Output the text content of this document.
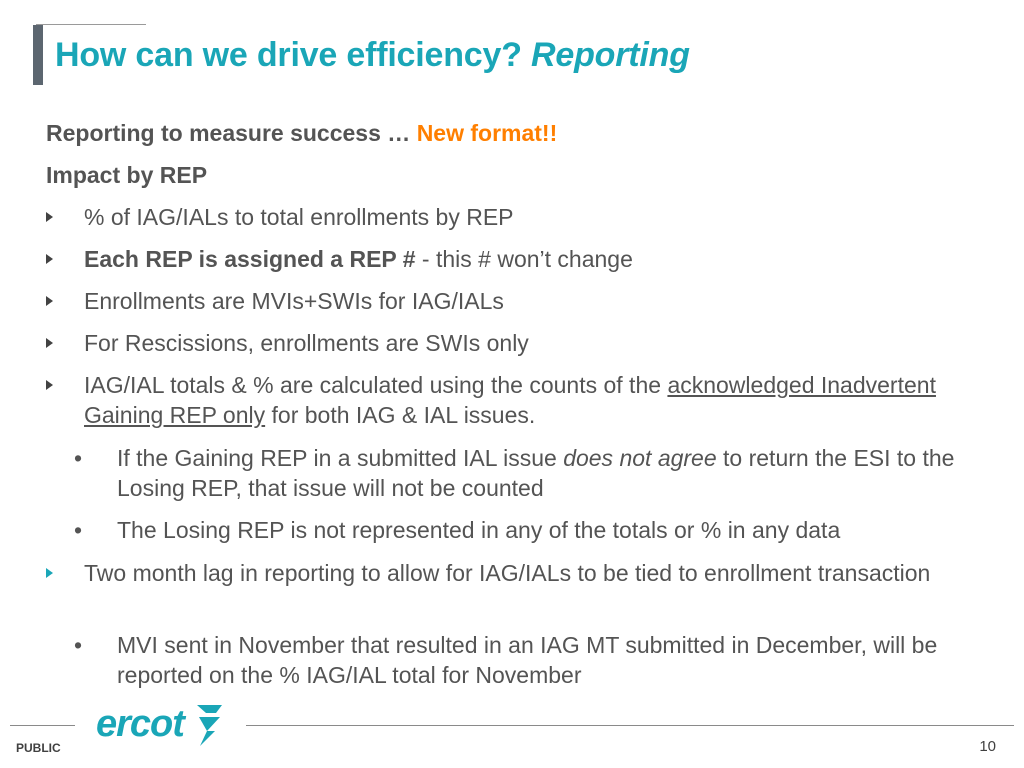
How can we drive efficiency? Reporting
Reporting to measure success … New format!!
Impact by REP
% of IAG/IALs to total enrollments by REP
Each REP is assigned a REP # - this # won’t change
Enrollments are MVIs+SWIs for IAG/IALs
For Rescissions, enrollments are SWIs only
IAG/IAL totals & % are calculated using the counts of the acknowledged Inadvertent Gaining REP only for both IAG & IAL issues.
• If the Gaining REP in a submitted IAL issue does not agree to return the ESI to the Losing REP, that issue will not be counted
• The Losing REP is not represented in any of the totals or % in any data
Two month lag in reporting to allow for IAG/IALs to be tied to enrollment transaction
• MVI sent in November that resulted in an IAG MT submitted in December, will be reported on the % IAG/IAL total for November
ercot
PUBLIC	10
